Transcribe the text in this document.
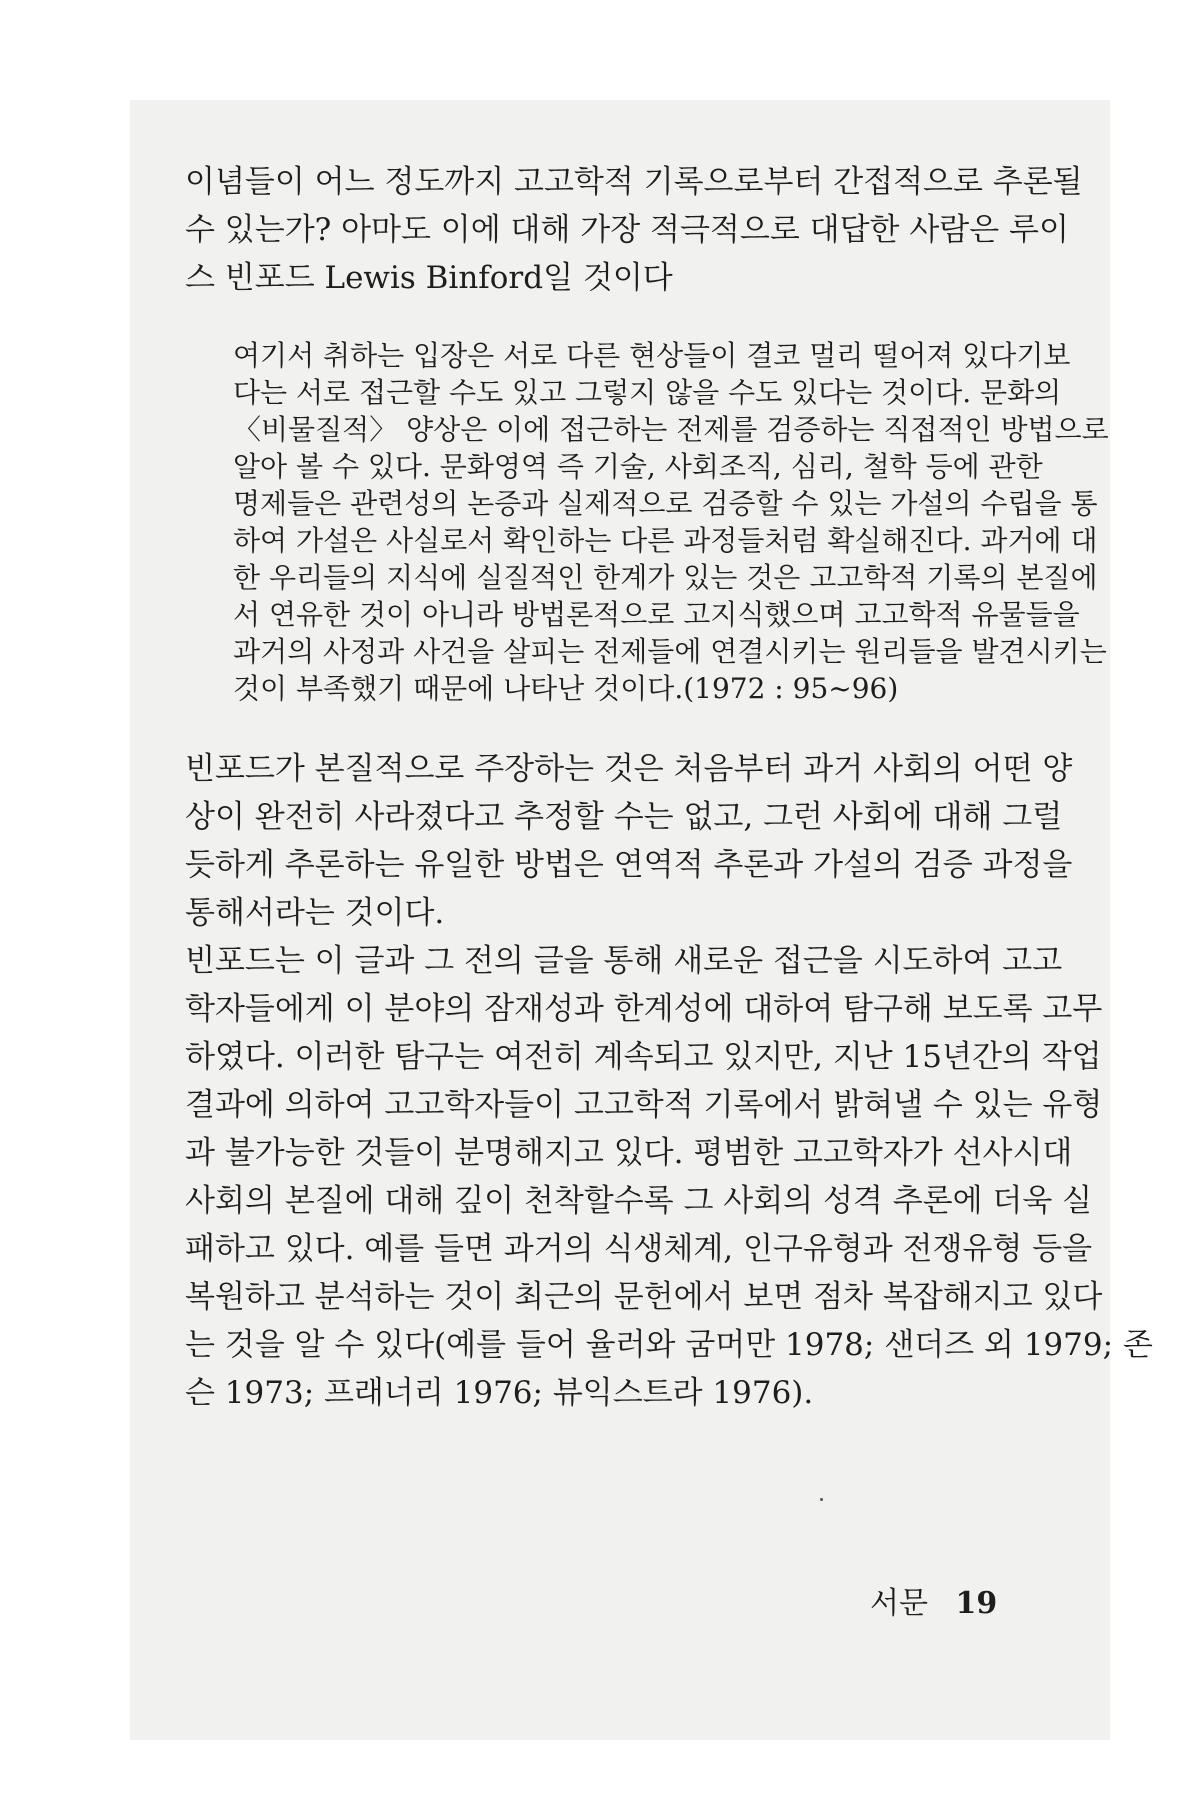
이념들이 어느 정도까지 고고학적 기록으로부터 간접적으로 추론될
수 있는가? 아마도 이에 대해 가장 적극적으로 대답한 사람은 루이
스 빈포드 Lewis Binford일 것이다
여기서 취하는 입장은 서로 다른 현상들이 결코 멀리 떨어져 있다기보
다는 서로 접근할 수도 있고 그렇지 않을 수도 있다는 것이다. 문화의
〈비물질적〉 양상은 이에 접근하는 전제를 검증하는 직접적인 방법으로
알아 볼 수 있다. 문화영역 즉 기술, 사회조직, 심리, 철학 등에 관한
명제들은 관련성의 논증과 실제적으로 검증할 수 있는 가설의 수립을 통
하여 가설은 사실로서 확인하는 다른 과정들처럼 확실해진다. 과거에 대
한 우리들의 지식에 실질적인 한계가 있는 것은 고고학적 기록의 본질에
서 연유한 것이 아니라 방법론적으로 고지식했으며 고고학적 유물들을
과거의 사정과 사건을 살피는 전제들에 연결시키는 원리들을 발견시키는
것이 부족했기 때문에 나타난 것이다.(1972 : 95~96)
빈포드가 본질적으로 주장하는 것은 처음부터 과거 사회의 어떤 양
상이 완전히 사라졌다고 추정할 수는 없고, 그런 사회에 대해 그럴
듯하게 추론하는 유일한 방법은 연역적 추론과 가설의 검증 과정을
통해서라는 것이다.
빈포드는 이 글과 그 전의 글을 통해 새로운 접근을 시도하여 고고
학자들에게 이 분야의 잠재성과 한계성에 대하여 탐구해 보도록 고무
하였다. 이러한 탐구는 여전히 계속되고 있지만, 지난 15년간의 작업
결과에 의하여 고고학자들이 고고학적 기록에서 밝혀낼 수 있는 유형
과 불가능한 것들이 분명해지고 있다. 평범한 고고학자가 선사시대
사회의 본질에 대해 깊이 천착할수록 그 사회의 성격 추론에 더욱 실
패하고 있다. 예를 들면 과거의 식생체계, 인구유형과 전쟁유형 등을
복원하고 분석하는 것이 최근의 문헌에서 보면 점차 복잡해지고 있다
는 것을 알 수 있다(예를 들어 율러와 굼머만 1978; 샌더즈 외 1979; 존
슨 1973; 프래너리 1976; 뷰익스트라 1976).
서문 19
